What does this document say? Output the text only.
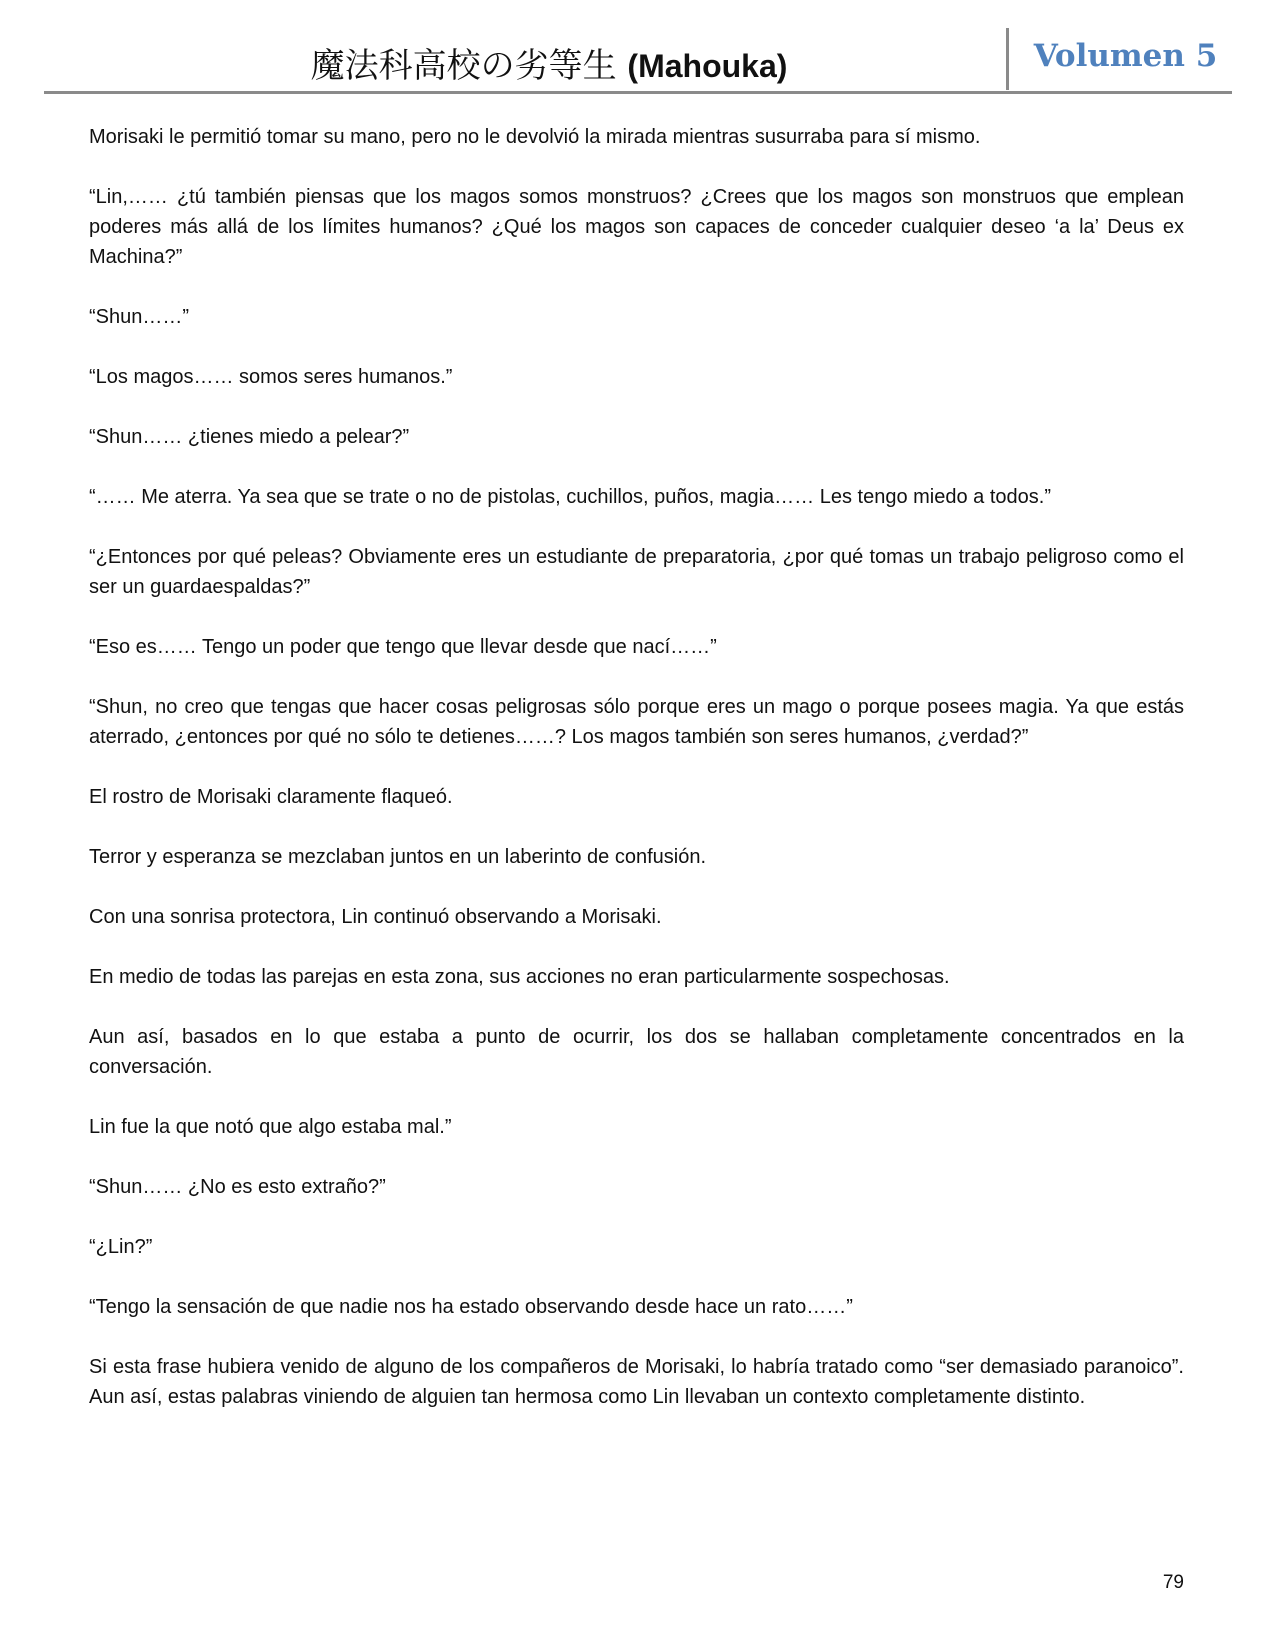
魔法科高校の劣等生 (Mahouka)	Volumen 5

Morisaki le permitió tomar su mano, pero no le devolvió la mirada mientras susurraba para sí mismo.

“Lin,…… ¿tú también piensas que los magos somos monstruos? ¿Crees que los magos son monstruos que emplean poderes más allá de los límites humanos? ¿Qué los magos son capaces de conceder cualquier deseo ‘a la’ Deus ex Machina?”

“Shun……”

“Los magos…… somos seres humanos.”

“Shun…… ¿tienes miedo a pelear?”

“…… Me aterra. Ya sea que se trate o no de pistolas, cuchillos, puños, magia…… Les tengo miedo a todos.”

“¿Entonces por qué peleas? Obviamente eres un estudiante de preparatoria, ¿por qué tomas un trabajo peligroso como el ser un guardaespaldas?”

“Eso es…… Tengo un poder que tengo que llevar desde que nací……”

“Shun, no creo que tengas que hacer cosas peligrosas sólo porque eres un mago o porque posees magia. Ya que estás aterrado, ¿entonces por qué no sólo te detienes……? Los magos también son seres humanos, ¿verdad?”

El rostro de Morisaki claramente flaqueó.

Terror y esperanza se mezclaban juntos en un laberinto de confusión.

Con una sonrisa protectora, Lin continuó observando a Morisaki.

En medio de todas las parejas en esta zona, sus acciones no eran particularmente sospechosas.

Aun así, basados en lo que estaba a punto de ocurrir, los dos se hallaban completamente concentrados en la conversación.

Lin fue la que notó que algo estaba mal.”

“Shun…… ¿No es esto extraño?”

“¿Lin?”

“Tengo la sensación de que nadie nos ha estado observando desde hace un rato……”

Si esta frase hubiera venido de alguno de los compañeros de Morisaki, lo habría tratado como “ser demasiado paranoico”. Aun así, estas palabras viniendo de alguien tan hermosa como Lin llevaban un contexto completamente distinto.

79
